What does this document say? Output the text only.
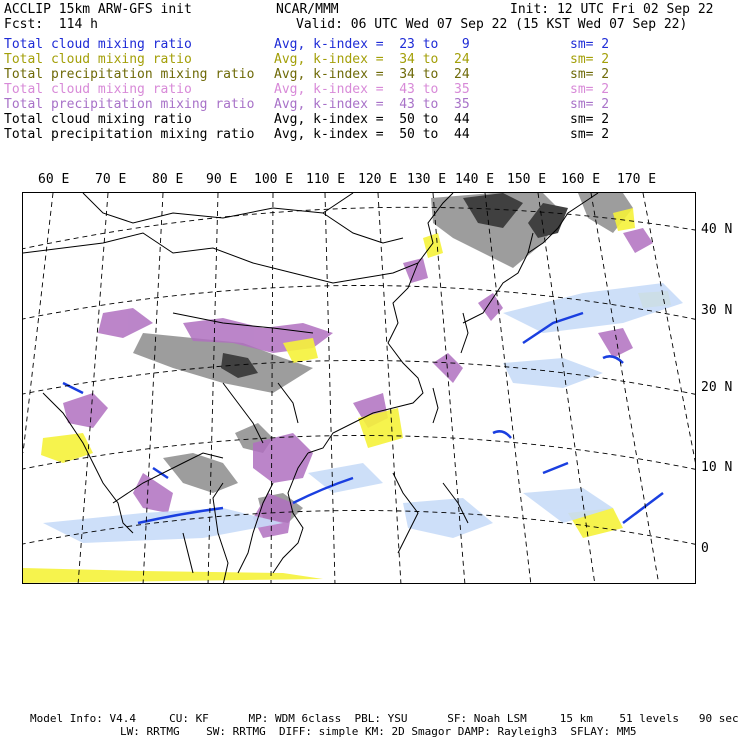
ACCLIP 15km ARW-GFS init	NCAR/MMM	Init: 12 UTC Fri 02 Sep 22
Fcst:  114 h	Valid: 06 UTC Wed 07 Sep 22 (15 KST Wed 07 Sep 22)
Total cloud mixing ratio	Avg, k-index =  23 to   9	sm= 2
Total cloud mixing ratio	Avg, k-index =  34 to  24	sm= 2
Total precipitation mixing ratio Avg, k-index =  34 to  24	sm= 2
Total cloud mixing ratio	Avg, k-index =  43 to  35	sm= 2
Total precipitation mixing ratio Avg, k-index =  43 to  35	sm= 2
Total cloud mixing ratio	Avg, k-index =  50 to  44	sm= 2
Total precipitation mixing ratio Avg, k-index =  50 to  44	sm= 2
60 E 70 E 80 E 90 E 100 E 110 E 120 E 130 E 140 E 150 E 160 E 170 E
40 N
30 N
20 N
10 N
0
Model Info: V4.4     CU: KF      MP: WDM 6class  PBL: YSU      SF: Noah LSM     15 km    51 levels   90 sec
LW: RRTMG    SW: RRTMG  DIFF: simple KM: 2D Smagor DAMP: Rayleigh3  SFLAY: MM5
